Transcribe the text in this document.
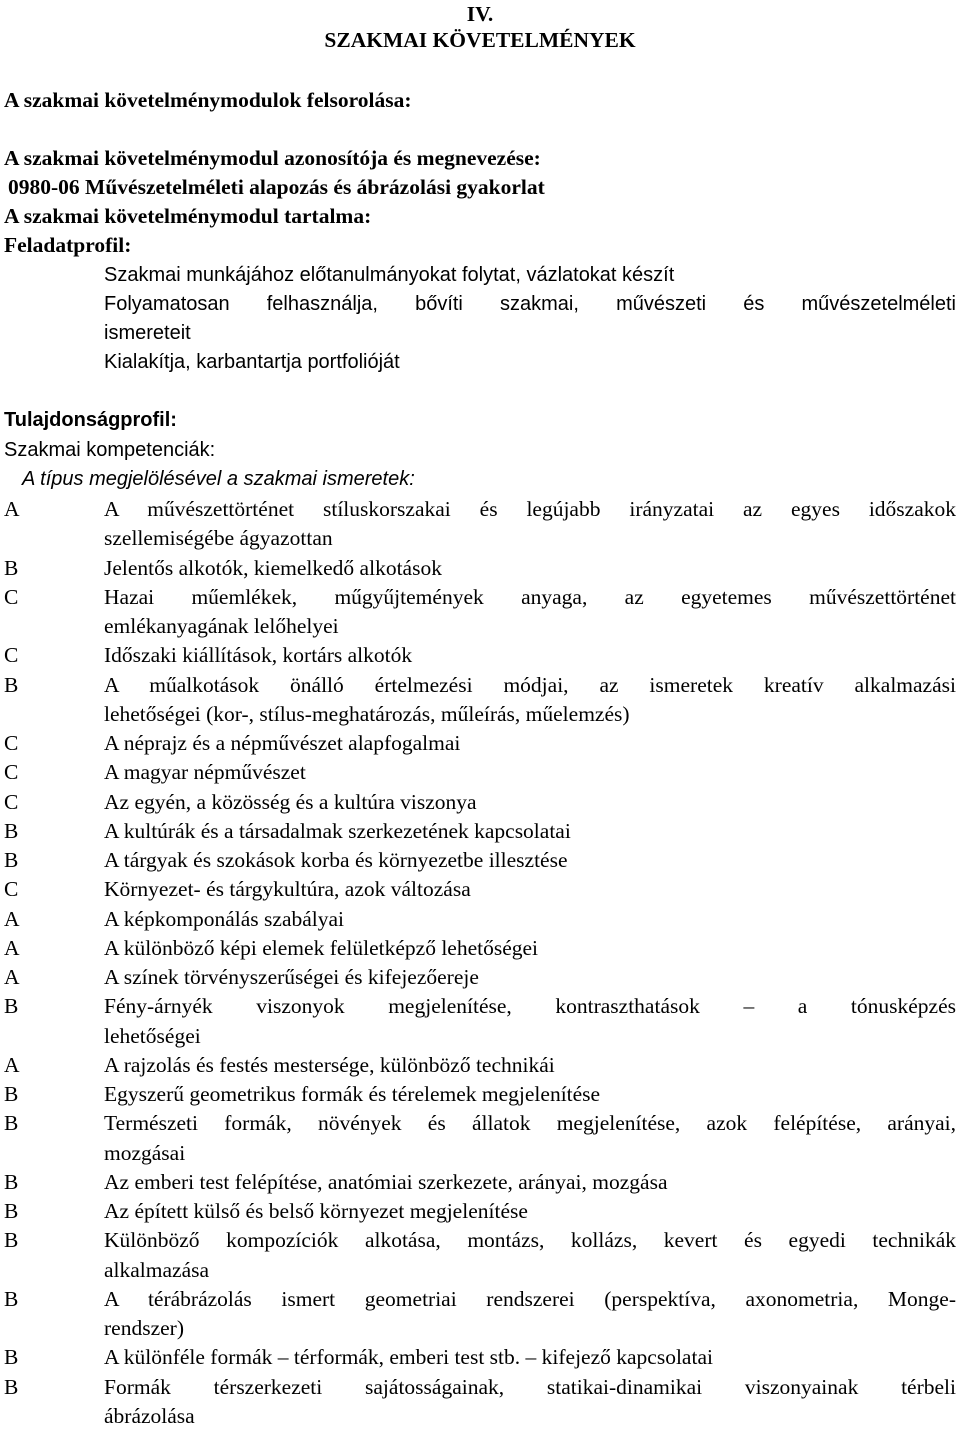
IV.
SZAKMAI KÖVETELMÉNYEK
A szakmai követelménymodulok felsorolása:
A szakmai követelménymodul azonosítója és megnevezése:
0980-06 Művészetelméleti alapozás és ábrázolási gyakorlat
A szakmai követelménymodul tartalma:
Feladatprofil:
Szakmai munkájához előtanulmányokat folytat, vázlatokat készít
Folyamatosan felhasználja, bővíti szakmai, művészeti és művészetelméleti
ismereteit
Kialakítja, karbantartja portfolióját
Tulajdonságprofil:
Szakmai kompetenciák:
A típus megjelölésével a szakmai ismeretek:
A	A művészettörténet stíluskorszakai és legújabb irányzatai az egyes időszakok
szellemiségébe ágyazottan
B	Jelentős alkotók, kiemelkedő alkotások
C	Hazai műemlékek, műgyűjtemények anyaga, az egyetemes művészettörténet
emlékanyagának lelőhelyei
C	Időszaki kiállítások, kortárs alkotók
B	A műalkotások önálló értelmezési módjai, az ismeretek kreatív alkalmazási
lehetőségei (kor-, stílus-meghatározás, műleírás, műelemzés)
C	A néprajz és a népművészet alapfogalmai
C	A magyar népművészet
C	Az egyén, a közösség és a kultúra viszonya
B	A kultúrák és a társadalmak szerkezetének kapcsolatai
B	A tárgyak és szokások korba és környezetbe illesztése
C	Környezet- és tárgykultúra, azok változása
A	A képkomponálás szabályai
A	A különböző képi elemek felületképző lehetőségei
A	A színek törvényszerűségei és kifejezőereje
B	Fény-árnyék viszonyok megjelenítése, kontraszthatások – a tónusképzés
lehetőségei
A	A rajzolás és festés mestersége, különböző technikái
B	Egyszerű geometrikus formák és térelemek megjelenítése
B	Természeti formák, növények és állatok megjelenítése, azok felépítése, arányai,
mozgásai
B	Az emberi test felépítése, anatómiai szerkezete, arányai, mozgása
B	Az épített külső és belső környezet megjelenítése
B	Különböző kompozíciók alkotása, montázs, kollázs, kevert és egyedi technikák
alkalmazása
B	A térábrázolás ismert geometriai rendszerei (perspektíva, axonometria, Monge-
rendszer)
B	A különféle formák – térformák, emberi test stb. – kifejező kapcsolatai
B	Formák térszerkezeti sajátosságainak, statikai-dinamikai viszonyainak térbeli
ábrázolása
